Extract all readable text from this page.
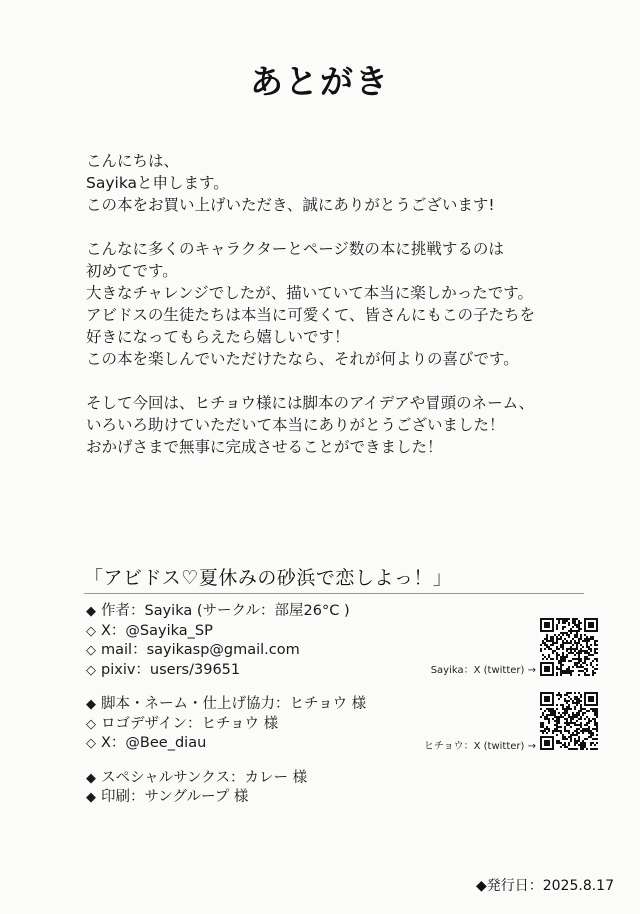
あとがき

こんにちは、
Sayikaと申します。
この本をお買い上げいただき、誠にありがとうございます!

こんなに多くのキャラクターとページ数の本に挑戦するのは
初めてです。
大きなチャレンジでしたが、描いていて本当に楽しかったです。
アビドスの生徒たちは本当に可愛くて、皆さんにもこの子たちを
好きになってもらえたら嬉しいです！
この本を楽しんでいただけたなら、それが何よりの喜びです。

そして今回は、ヒチョウ様には脚本のアイデアや冒頭のネーム、
いろいろ助けていただいて本当にありがとうございました！
おかげさまで無事に完成させることができました！

「アビドス♡夏休みの砂浜で恋しよっ！」
◆ 作者：Sayika (サークル：部屋26°C )
◇ X：@Sayika_SP
◇ mail：sayikasp@gmail.com
◇ pixiv：users/39651
◆ 脚本・ネーム・仕上げ協力：ヒチョウ 様
◇ ロゴデザイン：ヒチョウ 様
◇ X：@Bee_diau
◆ スペシャルサンクス：カレー 様
◆ 印刷：サングループ 様
Sayika：X (twitter) →
ヒチョウ：X (twitter) →
◆発行日：2025.8.17
